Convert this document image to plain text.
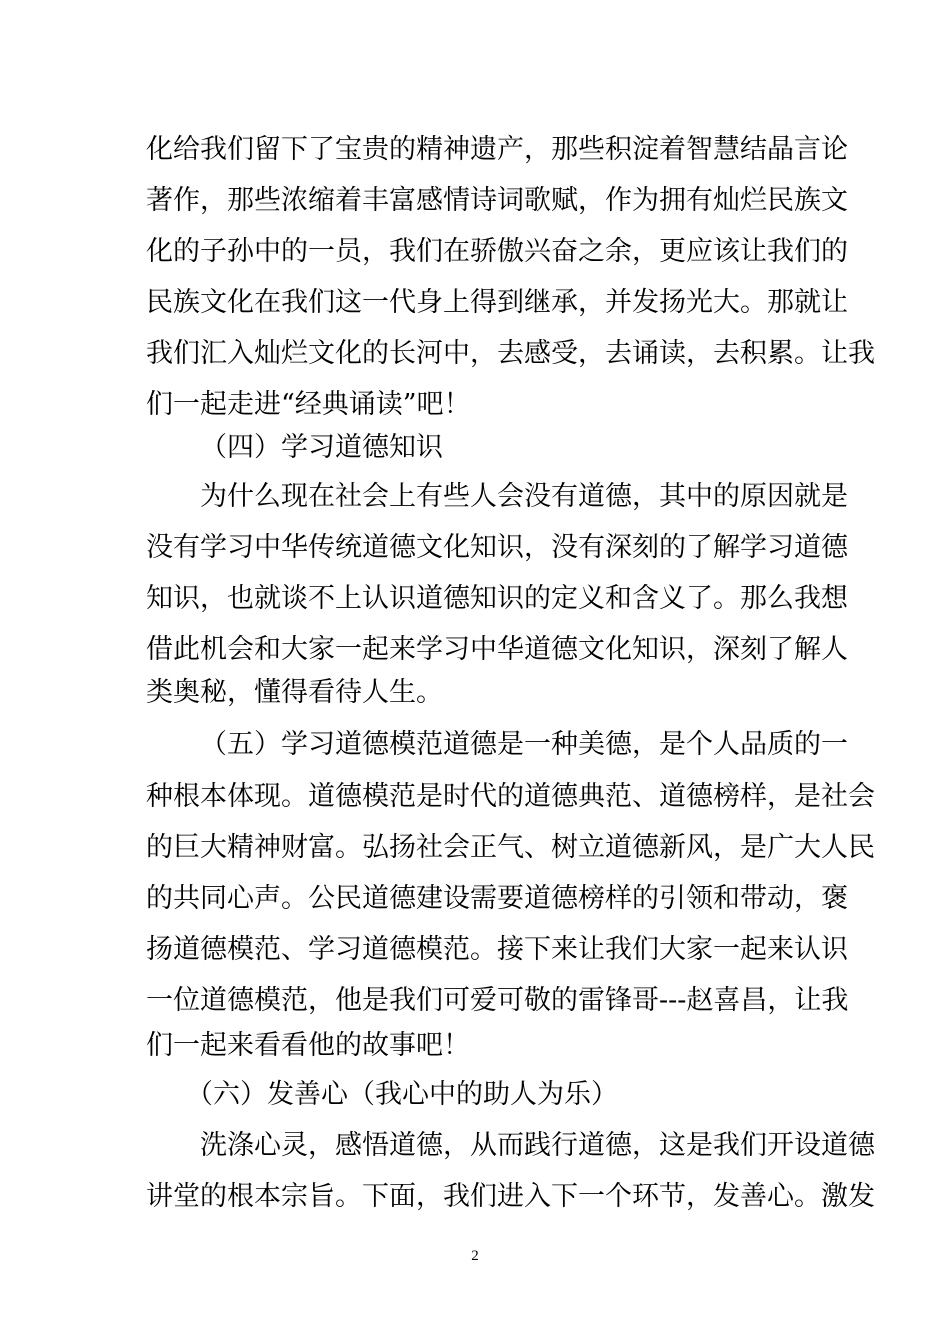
化给我们留下了宝贵的精神遗产，那些积淀着智慧结晶言论
著作，那些浓缩着丰富感情诗词歌赋，作为拥有灿烂民族文
化的子孙中的一员，我们在骄傲兴奋之余，更应该让我们的
民族文化在我们这一代身上得到继承，并发扬光大。那就让
我们汇入灿烂文化的长河中，去感受，去诵读，去积累。让我
们一起走进“经典诵读”吧！
（四）学习道德知识
为什么现在社会上有些人会没有道德，其中的原因就是
没有学习中华传统道德文化知识，没有深刻的了解学习道德
知识，也就谈不上认识道德知识的定义和含义了。那么我想
借此机会和大家一起来学习中华道德文化知识，深刻了解人
类奥秘，懂得看待人生。
（五）学习道德模范道德是一种美德，是个人品质的一
种根本体现。道德模范是时代的道德典范、道德榜样，是社会
的巨大精神财富。弘扬社会正气、树立道德新风，是广大人民
的共同心声。公民道德建设需要道德榜样的引领和带动，褒
扬道德模范、学习道德模范。接下来让我们大家一起来认识
一位道德模范，他是我们可爱可敬的雷锋哥---赵喜昌，让我
们一起来看看他的故事吧！
（六）发善心（我心中的助人为乐）
洗涤心灵，感悟道德，从而践行道德，这是我们开设道德
讲堂的根本宗旨。下面，我们进入下一个环节，发善心。激发
2
